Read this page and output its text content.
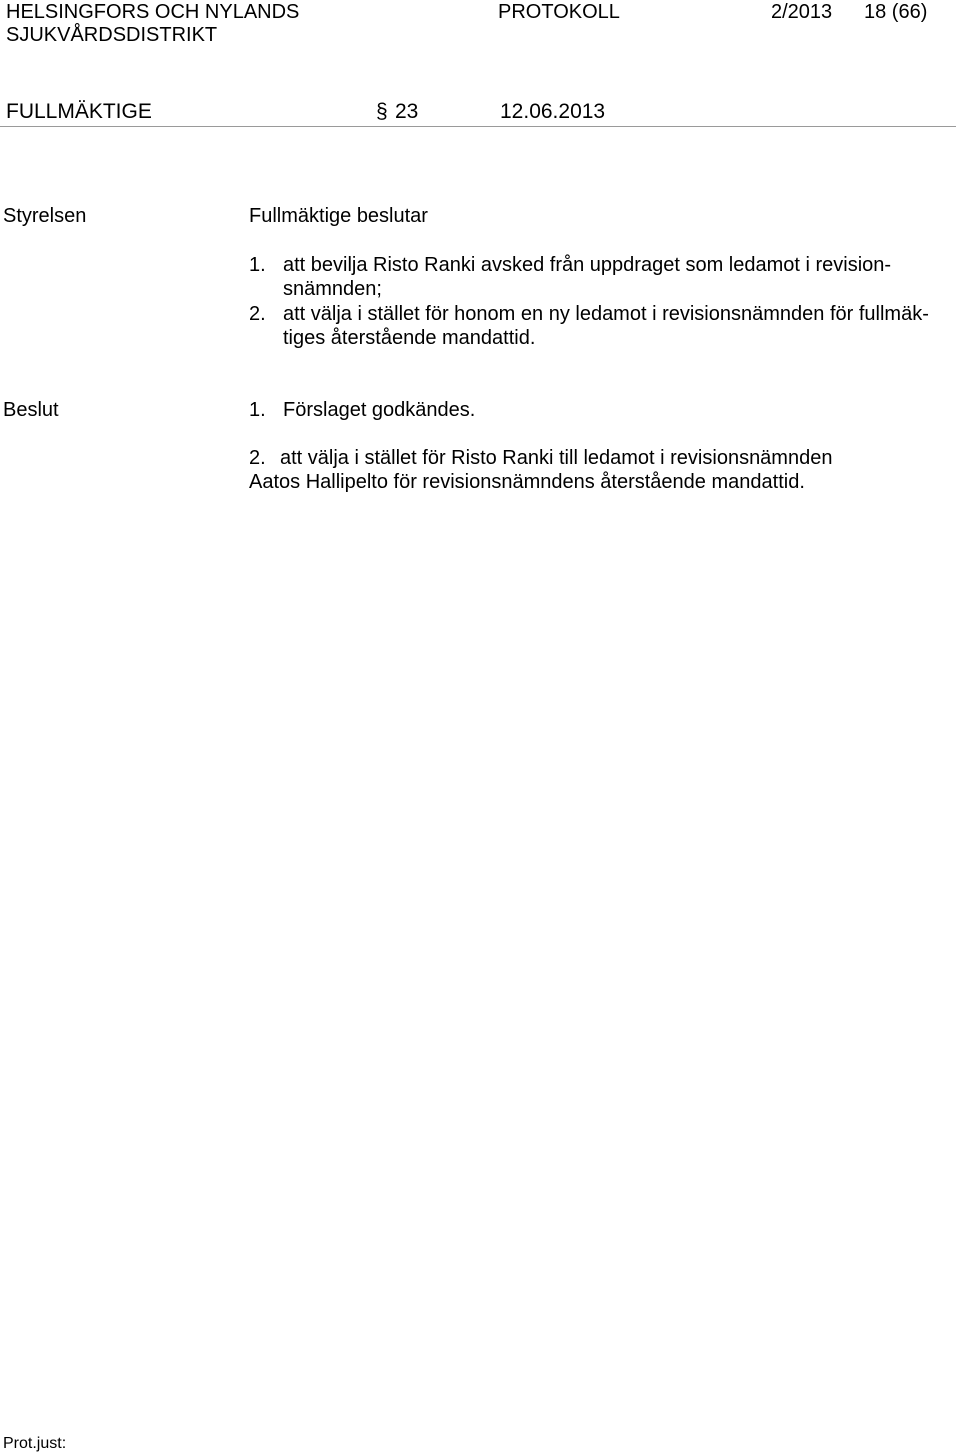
HELSINGFORS OCH NYLANDS
SJUKVÅRDSDISTRIKT
PROTOKOLL	2/2013 18 (66)
FULLMÄKTIGE	§ 23	12.06.2013
Styrelsen	Fullmäktige beslutar
1. att bevilja Risto Ranki avsked från uppdraget som ledamot i revision-
snämnden;
2. att välja i stället för honom en ny ledamot i revisionsnämnden för fullmäk-
tiges återstående mandattid.
Beslut	1. Förslaget godkändes.
2. att välja i stället för Risto Ranki till ledamot i revisionsnämnden
Aatos Hallipelto för revisionsnämndens återstående mandattid.
Prot.just:
